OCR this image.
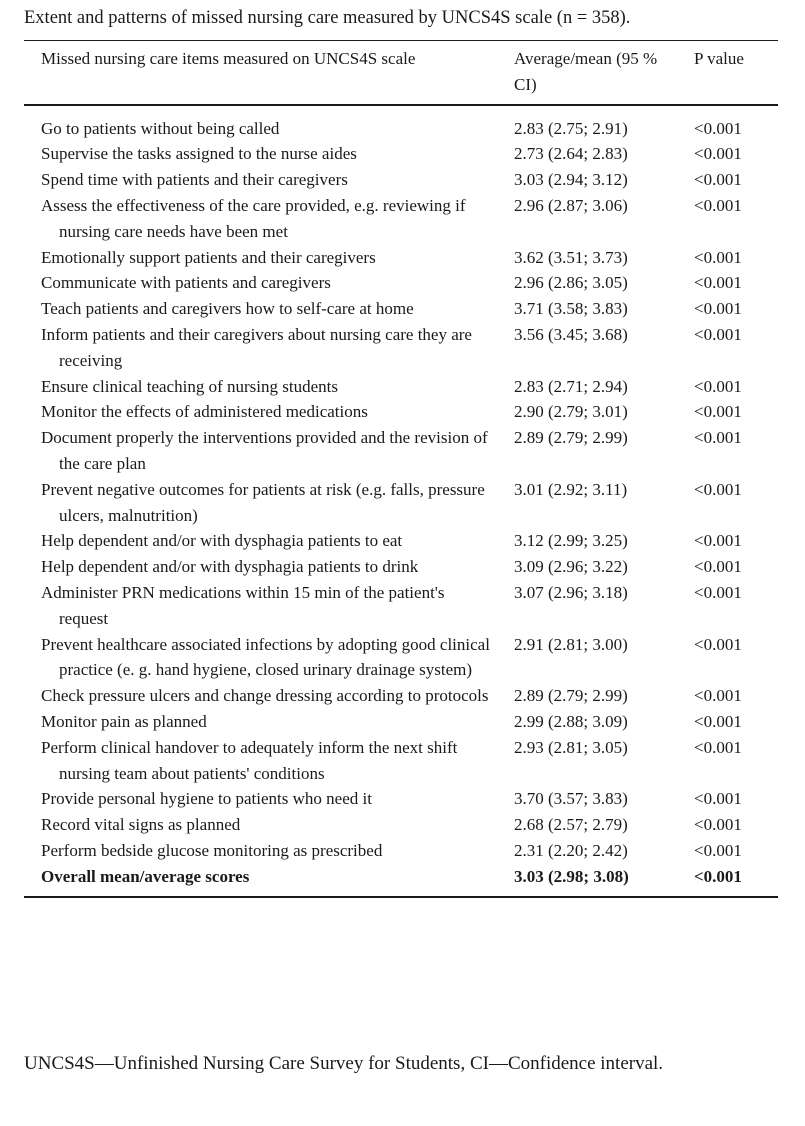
Extent and patterns of missed nursing care measured by UNCS4S scale (n = 358).
Missed nursing care items measured on UNCS4S scale	Average/mean (95 % CI)	P value

Go to patients without being called	2.83 (2.75; 2.91)	<0.001

Supervise the tasks assigned to the nurse aides	2.73 (2.64; 2.83)	<0.001

Spend time with patients and their caregivers	3.03 (2.94; 3.12)	<0.001

Assess the effectiveness of the care provided, e.g. reviewing if nursing care needs have been met	2.96 (2.87; 3.06)	<0.001

Emotionally support patients and their caregivers	3.62 (3.51; 3.73)	<0.001

Communicate with patients and caregivers	2.96 (2.86; 3.05)	<0.001

Teach patients and caregivers how to self-care at home	3.71 (3.58; 3.83)	<0.001

Inform patients and their caregivers about nursing care they are receiving	3.56 (3.45; 3.68)	<0.001

Ensure clinical teaching of nursing students	2.83 (2.71; 2.94)	<0.001

Monitor the effects of administered medications	2.90 (2.79; 3.01)	<0.001

Document properly the interventions provided and the revision of the care plan	2.89 (2.79; 2.99)	<0.001

Prevent negative outcomes for patients at risk (e.g. falls, pressure ulcers, malnutrition)	3.01 (2.92; 3.11)	<0.001

Help dependent and/or with dysphagia patients to eat	3.12 (2.99; 3.25)	<0.001

Help dependent and/or with dysphagia patients to drink	3.09 (2.96; 3.22)	<0.001

Administer PRN medications within 15 min of the patient's request	3.07 (2.96; 3.18)	<0.001

Prevent healthcare associated infections by adopting good clinical practice (e. g. hand hygiene, closed urinary drainage system)	2.91 (2.81; 3.00)	<0.001

Check pressure ulcers and change dressing according to protocols	2.89 (2.79; 2.99)	<0.001

Monitor pain as planned	2.99 (2.88; 3.09)	<0.001

Perform clinical handover to adequately inform the next shift nursing team about patients' conditions	2.93 (2.81; 3.05)	<0.001

Provide personal hygiene to patients who need it	3.70 (3.57; 3.83)	<0.001

Record vital signs as planned	2.68 (2.57; 2.79)	<0.001

Perform bedside glucose monitoring as prescribed	2.31 (2.20; 2.42)	<0.001

Overall mean/average scores	3.03 (2.98; 3.08)	<0.001
UNCS4S—Unfinished Nursing Care Survey for Students, CI—Confidence interval.
